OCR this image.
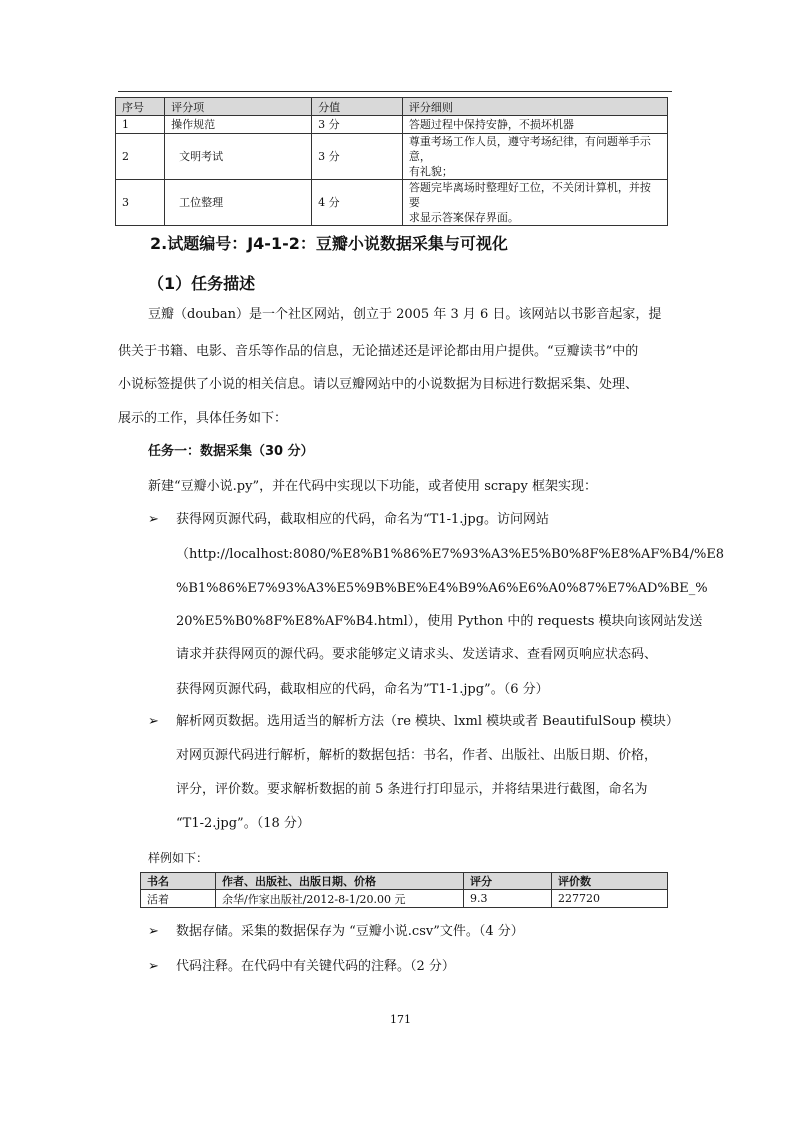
序号	评分项	分值	评分细则
1	操作规范	3 分	答题过程中保持安静，不损坏机器
2	文明考试	3 分	尊重考场工作人员，遵守考场纪律，有问题举手示意，
有礼貌；

3	工位整理	4 分	答题完毕离场时整理好工位，不关闭计算机，并按要
求显示答案保存界面。

2.试题编号：J4-1-2：豆瓣小说数据采集与可视化

（1）任务描述

豆瓣（douban）是一个社区网站，创立于 2005 年 3 月 6 日。该网站以书影音起家，提

供关于书籍、电影、音乐等作品的信息，无论描述还是评论都由用户提供。“豆瓣读书”中的

小说标签提供了小说的相关信息。请以豆瓣网站中的小说数据为目标进行数据采集、处理、

展示的工作，具体任务如下：

任务一：数据采集（30 分）

新建“豆瓣小说.py”，并在代码中实现以下功能，或者使用 scrapy 框架实现：

➢ 获得网页源代码，截取相应的代码，命名为“T1-1.jpg。访问网站

（http://localhost:8080/%E8%B1%86%E7%93%A3%E5%B0%8F%E8%AF%B4/%E8

%B1%86%E7%93%A3%E5%9B%BE%E4%B9%A6%E6%A0%87%E7%AD%BE_%

20%E5%B0%8F%E8%AF%B4.html），使用 Python 中的 requests 模块向该网站发送

请求并获得网页的源代码。要求能够定义请求头、发送请求、查看网页响应状态码、

获得网页源代码，截取相应的代码，命名为”T1-1.jpg”。（6 分）

➢ 解析网页数据。选用适当的解析方法（re 模块、lxml 模块或者 BeautifulSoup 模块）

对网页源代码进行解析，解析的数据包括：书名，作者、出版社、出版日期、价格，

评分，评价数。要求解析数据的前 5 条进行打印显示，并将结果进行截图，命名为

“T1-2.jpg”。（18 分）

样例如下：

书名	作者、出版社、出版日期、价格	评分	评价数
活着	余华/作家出版社/2012-8-1/20.00 元	9.3	227720
➢ 数据存储。采集的数据保存为 “豆瓣小说.csv”文件。（4 分）

➢ 代码注释。在代码中有关键代码的注释。（2 分）

171
